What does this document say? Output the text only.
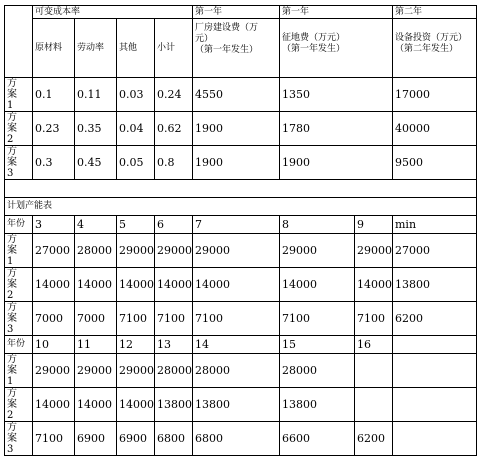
	可变成本率				第一年	第一年		第二年
	原材料	劳动率	其他	小计	厂房建设费（万
元）
（第一年发生）	征地费（万元）
（第一年发生）		设备投资（万元）
（第二年发生）

方
案
1	0.1	0.11	0.03	0.24	4550	1350		17000

方
案
2	0.23	0.35	0.04	0.62	1900	1780		40000

方
案
3	0.3	0.45	0.05	0.8	1900	1900		9500

计划产能表								
年份	3	4	5	6	7	8	9	min

方
案
1	27000	28000	29000	29000	29000	29000	29000	27000

方
案
2	14000	14000	14000	14000	14000	14000	14000	13800

方
案
3	7000	7000	7100	7100	7100	7100	7100	6200
年份	10	11	12	13	14	15	16	

方
案
1	29000	29000	29000	28000	28000	28000		

方
案
2	14000	14000	14000	13800	13800	13800		

方
案
3	7100	6900	6900	6800	6800	6600	6200	
